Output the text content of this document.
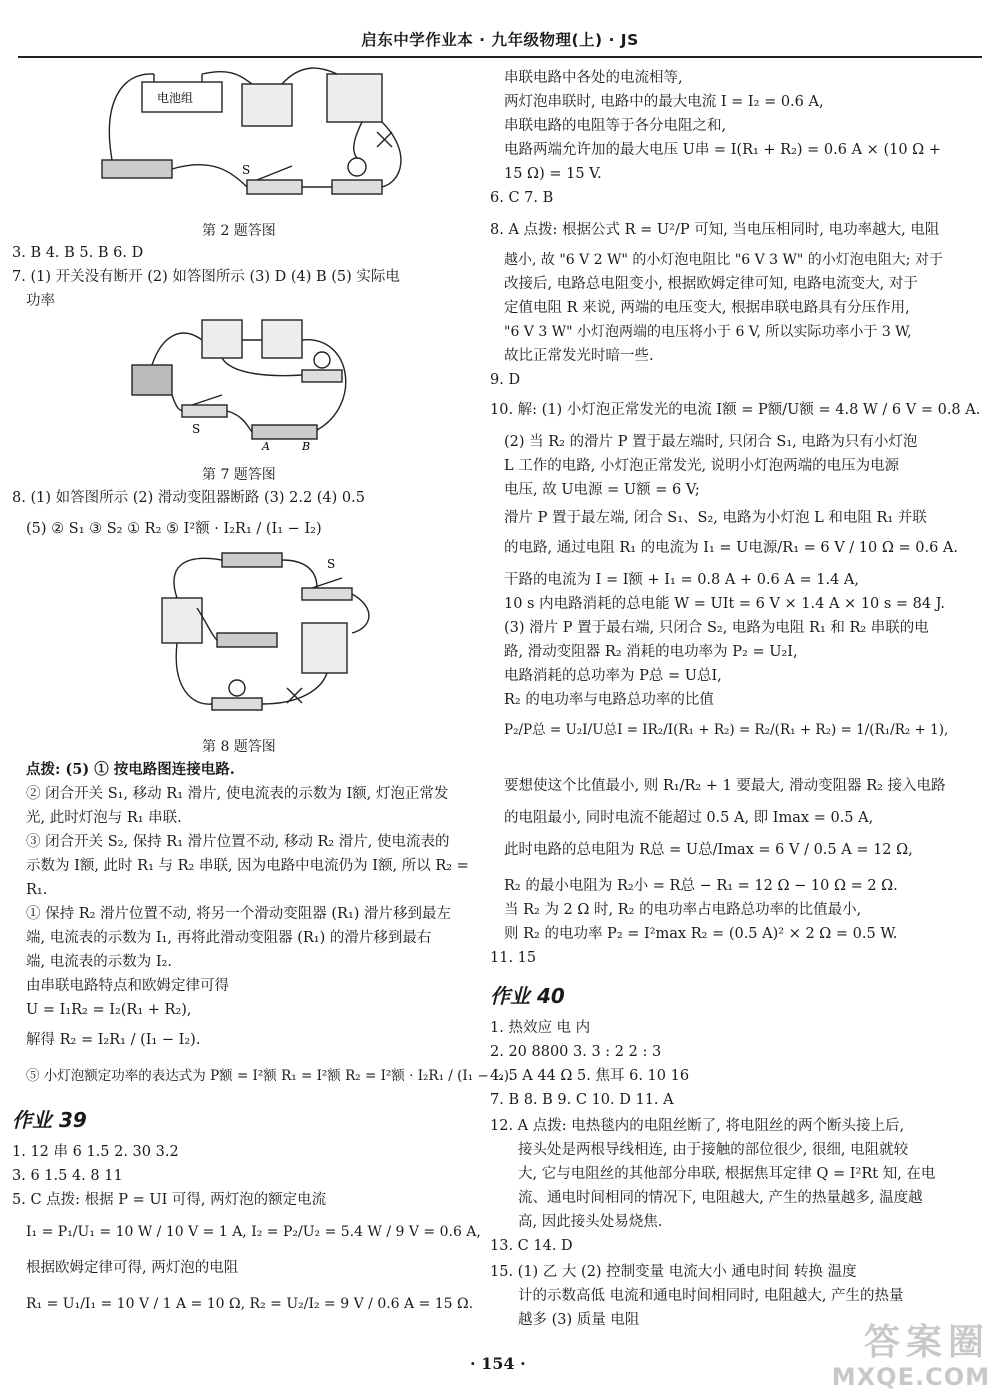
启东中学作业本 · 九年级物理(上) · JS
电池组
S
第 2 题答图
3. B 4. B 5. B 6. D
7. (1) 开关没有断开 (2) 如答图所示 (3) D (4) B (5) 实际电
功率
S
A	B
第 7 题答图
8. (1) 如答图所示 (2) 滑动变阻器断路 (3) 2.2 (4) 0.5
(5) ② S₁ ③ S₂ ① R₂ ⑤ I²额 · I₂R₁ / (I₁ − I₂)
S
第 8 题答图
点拨: (5) ① 按电路图连接电路.
② 闭合开关 S₁, 移动 R₁ 滑片, 使电流表的示数为 I额, 灯泡正常发
光, 此时灯泡与 R₁ 串联.
③ 闭合开关 S₂, 保持 R₁ 滑片位置不动, 移动 R₂ 滑片, 使电流表的
示数为 I额, 此时 R₁ 与 R₂ 串联, 因为电路中电流仍为 I额, 所以 R₂ =
R₁.
① 保持 R₂ 滑片位置不动, 将另一个滑动变阻器 (R₁) 滑片移到最左
端, 电流表的示数为 I₁, 再将此滑动变阻器 (R₁) 的滑片移到最右
端, 电流表的示数为 I₂.
由串联电路特点和欧姆定律可得
U = I₁R₂ = I₂(R₁ + R₂),
解得 R₂ = I₂R₁ / (I₁ − I₂).
⑤ 小灯泡额定功率的表达式为 P额 = I²额 R₁ = I²额 R₂ = I²额 · I₂R₁ / (I₁ − I₂).
作业 39
1. 12 串 6 1.5 2. 30 3.2
3. 6 1.5 4. 8 11
5. C 点拨: 根据 P = UI 可得, 两灯泡的额定电流
I₁ = P₁/U₁ = 10 W / 10 V = 1 A, I₂ = P₂/U₂ = 5.4 W / 9 V = 0.6 A,
根据欧姆定律可得, 两灯泡的电阻
R₁ = U₁/I₁ = 10 V / 1 A = 10 Ω, R₂ = U₂/I₂ = 9 V / 0.6 A = 15 Ω.
串联电路中各处的电流相等,
两灯泡串联时, 电路中的最大电流 I = I₂ = 0.6 A,
串联电路的电阻等于各分电阻之和,
电路两端允许加的最大电压 U串 = I(R₁ + R₂) = 0.6 A × (10 Ω +
15 Ω) = 15 V.
6. C 7. B
8. A 点拨: 根据公式 R = U²/P 可知, 当电压相同时, 电功率越大, 电阻
越小, 故 "6 V 2 W" 的小灯泡电阻比 "6 V 3 W" 的小灯泡电阻大; 对于
改接后, 电路总电阻变小, 根据欧姆定律可知, 电路电流变大, 对于
定值电阻 R 来说, 两端的电压变大, 根据串联电路具有分压作用,
"6 V 3 W" 小灯泡两端的电压将小于 6 V, 所以实际功率小于 3 W,
故比正常发光时暗一些.
9. D
10. 解: (1) 小灯泡正常发光的电流 I额 = P额/U额 = 4.8 W / 6 V = 0.8 A.
(2) 当 R₂ 的滑片 P 置于最左端时, 只闭合 S₁, 电路为只有小灯泡
L 工作的电路, 小灯泡正常发光, 说明小灯泡两端的电压为电源
电压, 故 U电源 = U额 = 6 V;
滑片 P 置于最左端, 闭合 S₁、S₂, 电路为小灯泡 L 和电阻 R₁ 并联
的电路, 通过电阻 R₁ 的电流为 I₁ = U电源/R₁ = 6 V / 10 Ω = 0.6 A.
干路的电流为 I = I额 + I₁ = 0.8 A + 0.6 A = 1.4 A,
10 s 内电路消耗的总电能 W = UIt = 6 V × 1.4 A × 10 s = 84 J.
(3) 滑片 P 置于最右端, 只闭合 S₂, 电路为电阻 R₁ 和 R₂ 串联的电
路, 滑动变阻器 R₂ 消耗的电功率为 P₂ = U₂I,
电路消耗的总功率为 P总 = U总I,
R₂ 的电功率与电路总功率的比值
P₂/P总 = U₂I/U总I = IR₂/I(R₁ + R₂) = R₂/(R₁ + R₂) = 1/(R₁/R₂ + 1),
要想使这个比值最小, 则 R₁/R₂ + 1 要最大, 滑动变阻器 R₂ 接入电路
的电阻最小, 同时电流不能超过 0.5 A, 即 Imax = 0.5 A,
此时电路的总电阻为 R总 = U总/Imax = 6 V / 0.5 A = 12 Ω,
R₂ 的最小电阻为 R₂小 = R总 − R₁ = 12 Ω − 10 Ω = 2 Ω.
当 R₂ 为 2 Ω 时, R₂ 的电功率占电路总功率的比值最小,
则 R₂ 的电功率 P₂ = I²max R₂ = (0.5 A)² × 2 Ω = 0.5 W.
11. 15
作业 40
1. 热效应 电 内
2. 20 8800 3. 3 : 2 2 : 3
4. 5 A 44 Ω 5. 焦耳 6. 10 16
7. B 8. B 9. C 10. D 11. A
12. A 点拨: 电热毯内的电阻丝断了, 将电阻丝的两个断头接上后,
接头处是两根导线相连, 由于接触的部位很少, 很细, 电阻就较
大, 它与电阻丝的其他部分串联, 根据焦耳定律 Q = I²Rt 知, 在电
流、通电时间相同的情况下, 电阻越大, 产生的热量越多, 温度越
高, 因此接头处易烧焦.
13. C 14. D
15. (1) 乙 大 (2) 控制变量 电流大小 通电时间 转换 温度
计的示数高低 电流和通电时间相同时, 电阻越大, 产生的热量
越多 (3) 质量 电阻
· 154 ·
答案圈
MXQE.COM
